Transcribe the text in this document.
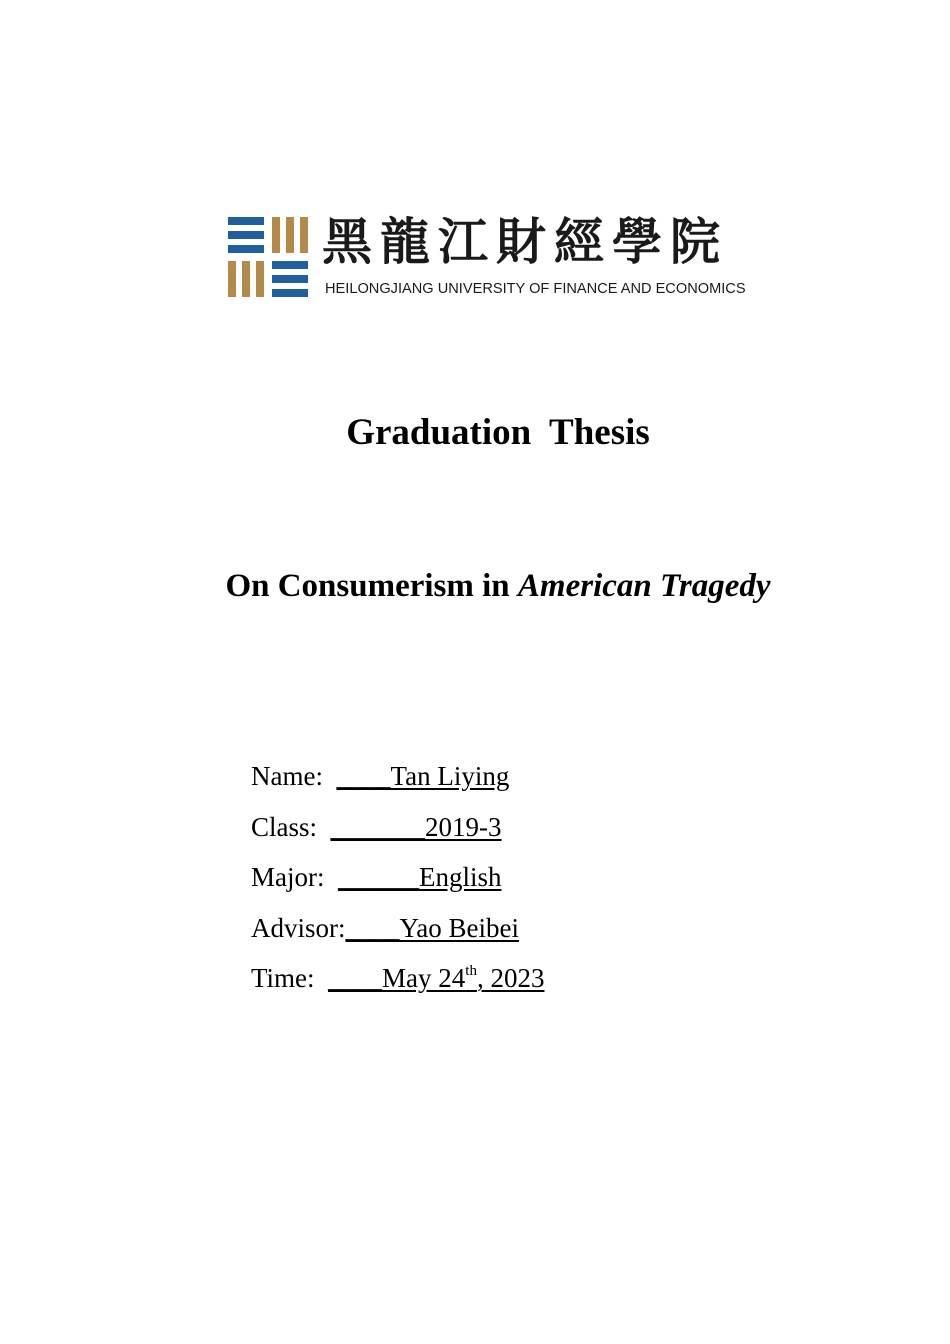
黑龍江財經學院
HEILONGJIANG UNIVERSITY OF FINANCE AND ECONOMICS
Graduation  Thesis
On Consumerism in American Tragedy
Name:  ____Tan Liying
Class:  _______2019-3
Major:  ______English
Advisor:____Yao Beibei
Time:  ____May 24th, 2023
